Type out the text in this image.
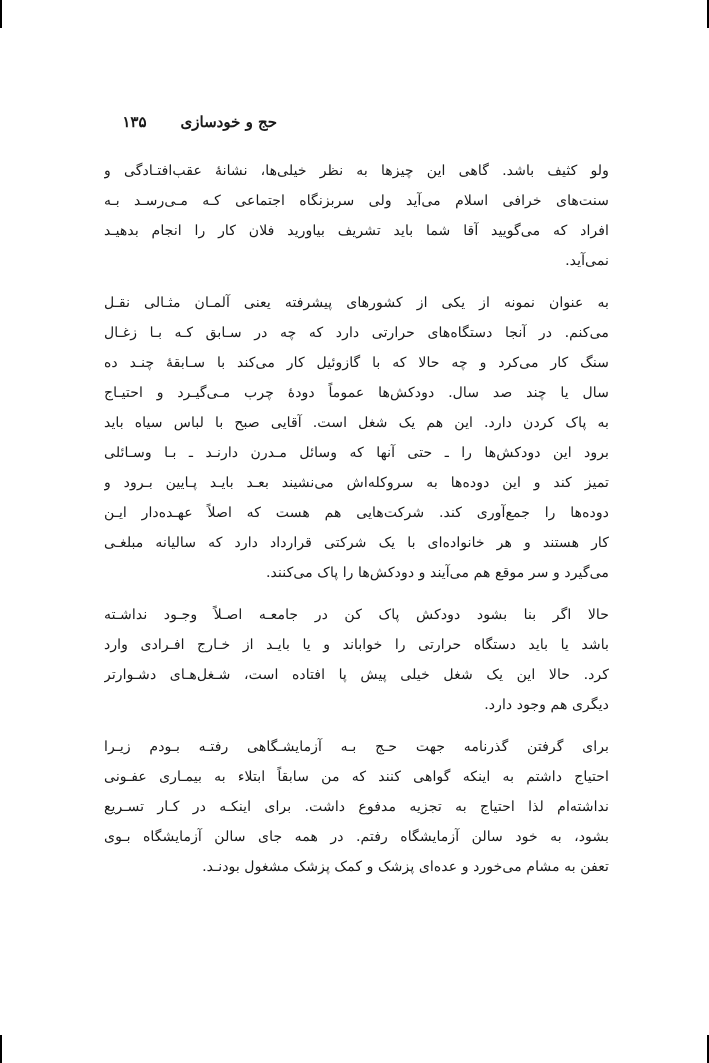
حج و خودسازی۱۳۵
ولو کثیف باشد. گاهی این چیزها به نظر خیلی‌ها، نشانهٔ عقب‌افتـادگی و
سنت‌های خرافی اسلام می‌آید ولی سربزنگاه اجتماعی کـه مـی‌رسـد بـه
افراد که می‌گویید آقا شما باید تشریف بیاورید فلان کار را انجام بدهیـد
نمی‌آید.
به عنوان نمونه از یکی از کشورهای پیشرفته یعنی آلمـان مثـالی نقـل
می‌کنم. در آنجا دستگاه‌های حرارتی دارد که چه در سـابق کـه بـا زغـال
سنگ کار می‌کرد و چه حالا که با گازوئیل کار می‌کند با سـابقهٔ چنـد ده
سال یا چند صد سال. دودکش‌ها عموماً دودهٔ چرب مـی‌گیـرد و احتیـاج
به پاک کردن دارد. این هم یک شغل است. آقایی صبح با لباس سیاه باید
برود این دودکش‌ها را ـ حتی آنها که وسائل مـدرن دارنـد ـ بـا وسـائلی
تمیز کند و این دوده‌ها به سروکله‌اش می‌نشیند بعـد بایـد پـایین بـرود و
دوده‌ها را جمع‌آوری کند. شرکت‌هایی هم هست که اصلاً عهـده‌دار ایـن
کار هستند و هر خانواده‌ای با یک شرکتی قرارداد دارد که سالیانه مبلغـی
می‌گیرد و سر موقع هم می‌آیند و دودکش‌ها را پاک می‌کنند.
حالا اگر بنا بشود دودکش پاک کن در جامعـه اصـلاً وجـود نداشـته
باشد یا باید دستگاه حرارتی را خواباند و یا بایـد از خـارج افـرادی وارد
کرد. حالا این یک شغل خیلی پیش پا افتاده است، شـغل‌هـای دشـوارتر
دیگری هم وجود دارد.
برای گرفتن گذرنامه جهت حـج بـه آزمایشـگاهی رفتـه بـودم زیـرا
احتیاج داشتم به اینکه گواهی کنند که من سابقاً ابتلاء به بیمـاری عفـونی
نداشته‌ام لذا احتیاج به تجزیه مدفوع داشت. برای اینکـه در کـار تسـریع
بشود، به خود سالن آزمایشگاه رفتم. در همه جای سالن آزمایشگاه بـوی
تعفن به مشام می‌خورد و عده‌ای پزشک و کمک پزشک مشغول بودنـد.
